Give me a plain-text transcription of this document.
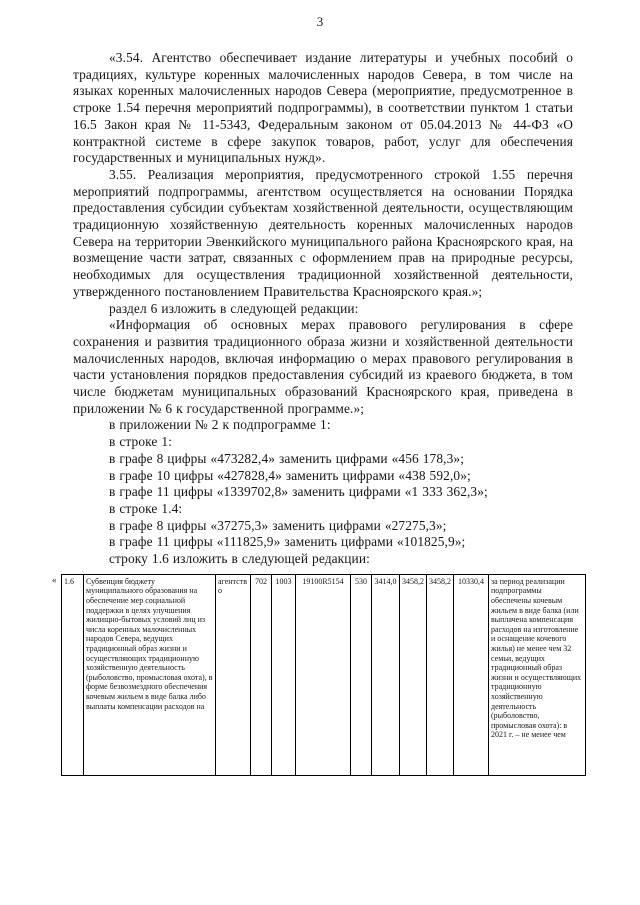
3

«3.54. Агентство обеспечивает издание литературы и учебных пособий о традициях, культуре коренных малочисленных народов Севера, в том числе на языках коренных малочисленных народов Севера (мероприятие, предусмотренное в строке 1.54 перечня мероприятий подпрограммы), в соответствии пунктом 1 статьи 16.5 Закон края № 11-5343, Федеральным законом от 05.04.2013 № 44-ФЗ «О контрактной системе в сфере закупок товаров, работ, услуг для обеспечения государственных и муниципальных нужд».

3.55. Реализация мероприятия, предусмотренного строкой 1.55 перечня мероприятий подпрограммы, агентством осуществляется на основании Порядка предоставления субсидии субъектам хозяйственной деятельности, осуществляющим традиционную хозяйственную деятельность коренных малочисленных народов Севера на территории Эвенкийского муниципального района Красноярского края, на возмещение части затрат, связанных с оформлением прав на природные ресурсы, необходимых для осуществления традиционной хозяйственной деятельности, утвержденного постановлением Правительства Красноярского края.»;

раздел 6 изложить в следующей редакции:

«Информация об основных мерах правового регулирования в сфере сохранения и развития традиционного образа жизни и хозяйственной деятельности малочисленных народов, включая информацию о мерах правового регулирования в части установления порядков предоставления субсидий из краевого бюджета, в том числе бюджетам муниципальных образований Красноярского края, приведена в приложении № 6 к государственной программе.»;

в приложении № 2 к подпрограмме 1:

в строке 1:

в графе 8 цифры «473282,4» заменить цифрами «456 178,3»;

в графе 10 цифры «427828,4» заменить цифрами «438 592,0»;

в графе 11 цифры «1339702,8» заменить цифрами «1 333 362,3»;

в строке 1.4:

в графе 8 цифры «37275,3» заменить цифрами «27275,3»;

в графе 11 цифры «111825,9» заменить цифрами «101825,9»;

строку 1.6 изложить в следующей редакции:

« 1.6	Субвенция бюджету муниципального образования на обеспечение мер социальной поддержки в целях улучшения жилищно-бытовых условий лиц из числа коренных малочисленных народов Севера, ведущих традиционный образ жизни и осуществляющих традиционную хозяйственную деятельность (рыболовство, промысловая охота), в форме безвозмездного обеспечения кочевым жильем в виде балка либо выплаты компенсации расходов на	агентство	702	1003	19100R5154	530	3414,0	3458,2	3458,2	10330,4	за период реализации подпрограммы обеспечены кочевым жильем в виде балка (или выплачена компенсация расходов на изготовление и оснащение кочевого жилья) не менее чем 32 семьи, ведущих традиционный образ жизни и осуществляющих традиционную хозяйственную деятельность (рыболовство, промысловая охота): в 2021 г. – не менее чем
